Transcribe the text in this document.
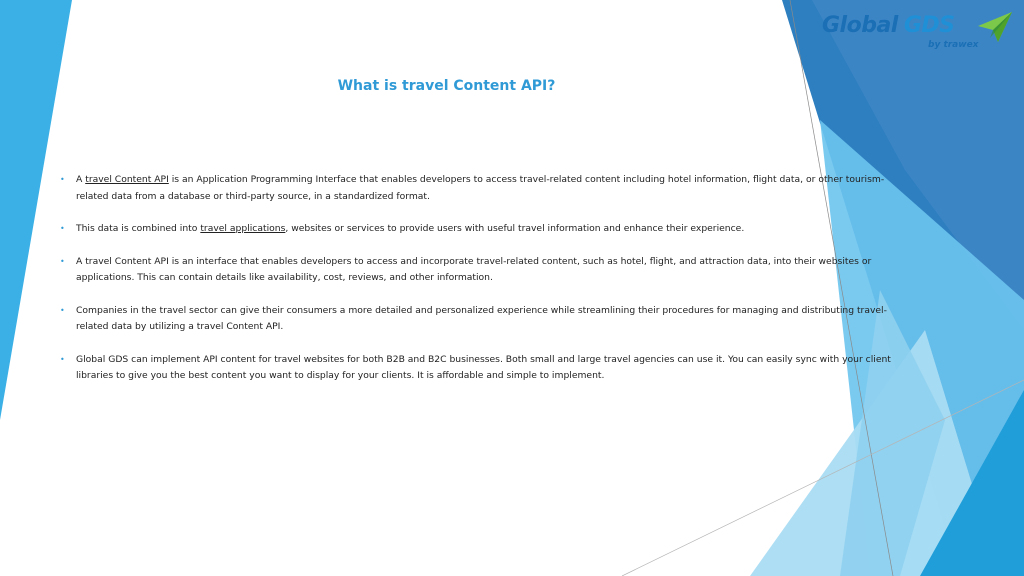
Global GDS
by trawex
What is travel Content API?
• A travel Content API is an Application Programming Interface that enables developers to access travel-related content including hotel information, flight data, or other tourism-related data from a database or third-party source, in a standardized format.
• This data is combined into travel applications, websites or services to provide users with useful travel information and enhance their experience.
• A travel Content API is an interface that enables developers to access and incorporate travel-related content, such as hotel, flight, and attraction data, into their websites or applications. This can contain details like availability, cost, reviews, and other information.
• Companies in the travel sector can give their consumers a more detailed and personalized experience while streamlining their procedures for managing and distributing travel-related data by utilizing a travel Content API.
• Global GDS can implement API content for travel websites for both B2B and B2C businesses. Both small and large travel agencies can use it. You can easily sync with your client libraries to give you the best content you want to display for your clients. It is affordable and simple to implement.
